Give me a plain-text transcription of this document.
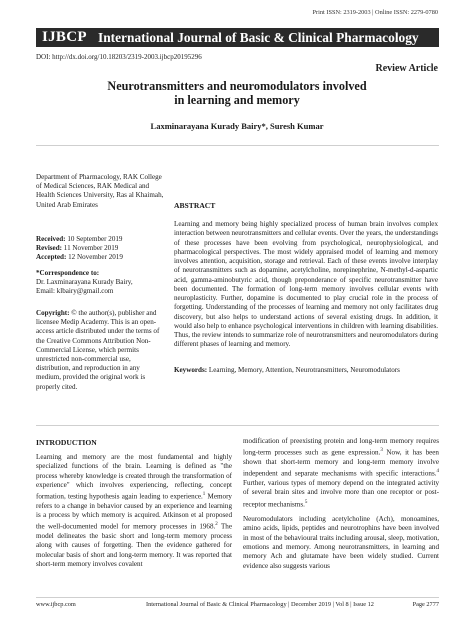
Print ISSN: 2319-2003 | Online ISSN: 2279-0780
IJBCP International Journal of Basic & Clinical Pharmacology
DOI: http://dx.doi.org/10.18203/2319-2003.ijbcp20195296
Review Article
Neurotransmitters and neuromodulators involved
in learning and memory
Laxminarayana Kurady Bairy*, Suresh Kumar
Department of Pharmacology, RAK College of Medical Sciences, RAK Medical and Health Sciences University, Ras al Khaimah, United Arab Emirates
Received: 10 September 2019
Revised: 11 November 2019
Accepted: 12 November 2019
*Correspondence to:
Dr. Laxminarayana Kurady Bairy,
Email: klbairy@gmail.com
Copyright: © the author(s), publisher and licensee Medip Academy. This is an open-access article distributed under the terms of the Creative Commons Attribution Non-Commercial License, which permits unrestricted non-commercial use, distribution, and reproduction in any medium, provided the original work is properly cited.
ABSTRACT
Learning and memory being highly specialized process of human brain involves complex interaction between neurotransmitters and cellular events. Over the years, the understandings of these processes have been evolving from psychological, neurophysiological, and pharmacological perspectives. The most widely appraised model of learning and memory involves attention, acquisition, storage and retrieval. Each of these events involve interplay of neurotransmitters such as dopamine, acetylcholine, norepinephrine, N-methyl-d-aspartic acid, gamma-aminobutyric acid, though preponderance of specific neurotransmitter have been documented. The formation of long-term memory involves cellular events with neuroplasticity. Further, dopamine is documented to play crucial role in the process of forgetting. Understanding of the processes of learning and memory not only facilitates drug discovery, but also helps to understand actions of several existing drugs. In addition, it would also help to enhance psychological interventions in children with learning disabilities. Thus, the review intends to summarize role of neurotransmitters and neuromodulators during different phases of learning and memory.
Keywords: Learning, Memory, Attention, Neurotransmitters, Neuromodulators
INTRODUCTION
Learning and memory are the most fundamental and highly specialized functions of the brain. Learning is defined as "the process whereby knowledge is created through the transformation of experience" which involves experiencing, reflecting, concept formation, testing hypothesis again leading to experience.$^1$ Memory refers to a change in behavior caused by an experience and learning is a process by which memory is acquired. Atkinson et al proposed the well-documented model for memory processes in 1968.$^2$ The model delineates the basic short and long-term memory process along with causes of forgetting. Then the evidence gathered for molecular basis of short and long-term memory. It was reported that short-term memory involves covalent

modification of preexisting protein and long-term memory requires long-term processes such as gene expression.$^3$ Now, it has been shown that short-term memory and long-term memory involve independent and separate mechanisms with specific interactions.$^4$ Further, various types of memory depend on the integrated activity of several brain sites and involve more than one receptor or post-receptor mechanisms.$^5$

Neuromodulators including acetylcholine (Ach), monoamines, amino acids, lipids, peptides and neurotrophins have been involved in most of the behavioural traits including arousal, sleep, motivation, emotions and memory. Among neurotransmitters, in learning and memory Ach and glutamate have been widely studied. Current evidence also suggests various

www.ijbcp.com	International Journal of Basic & Clinical Pharmacology | December 2019 | Vol 8 | Issue 12	Page 2777
